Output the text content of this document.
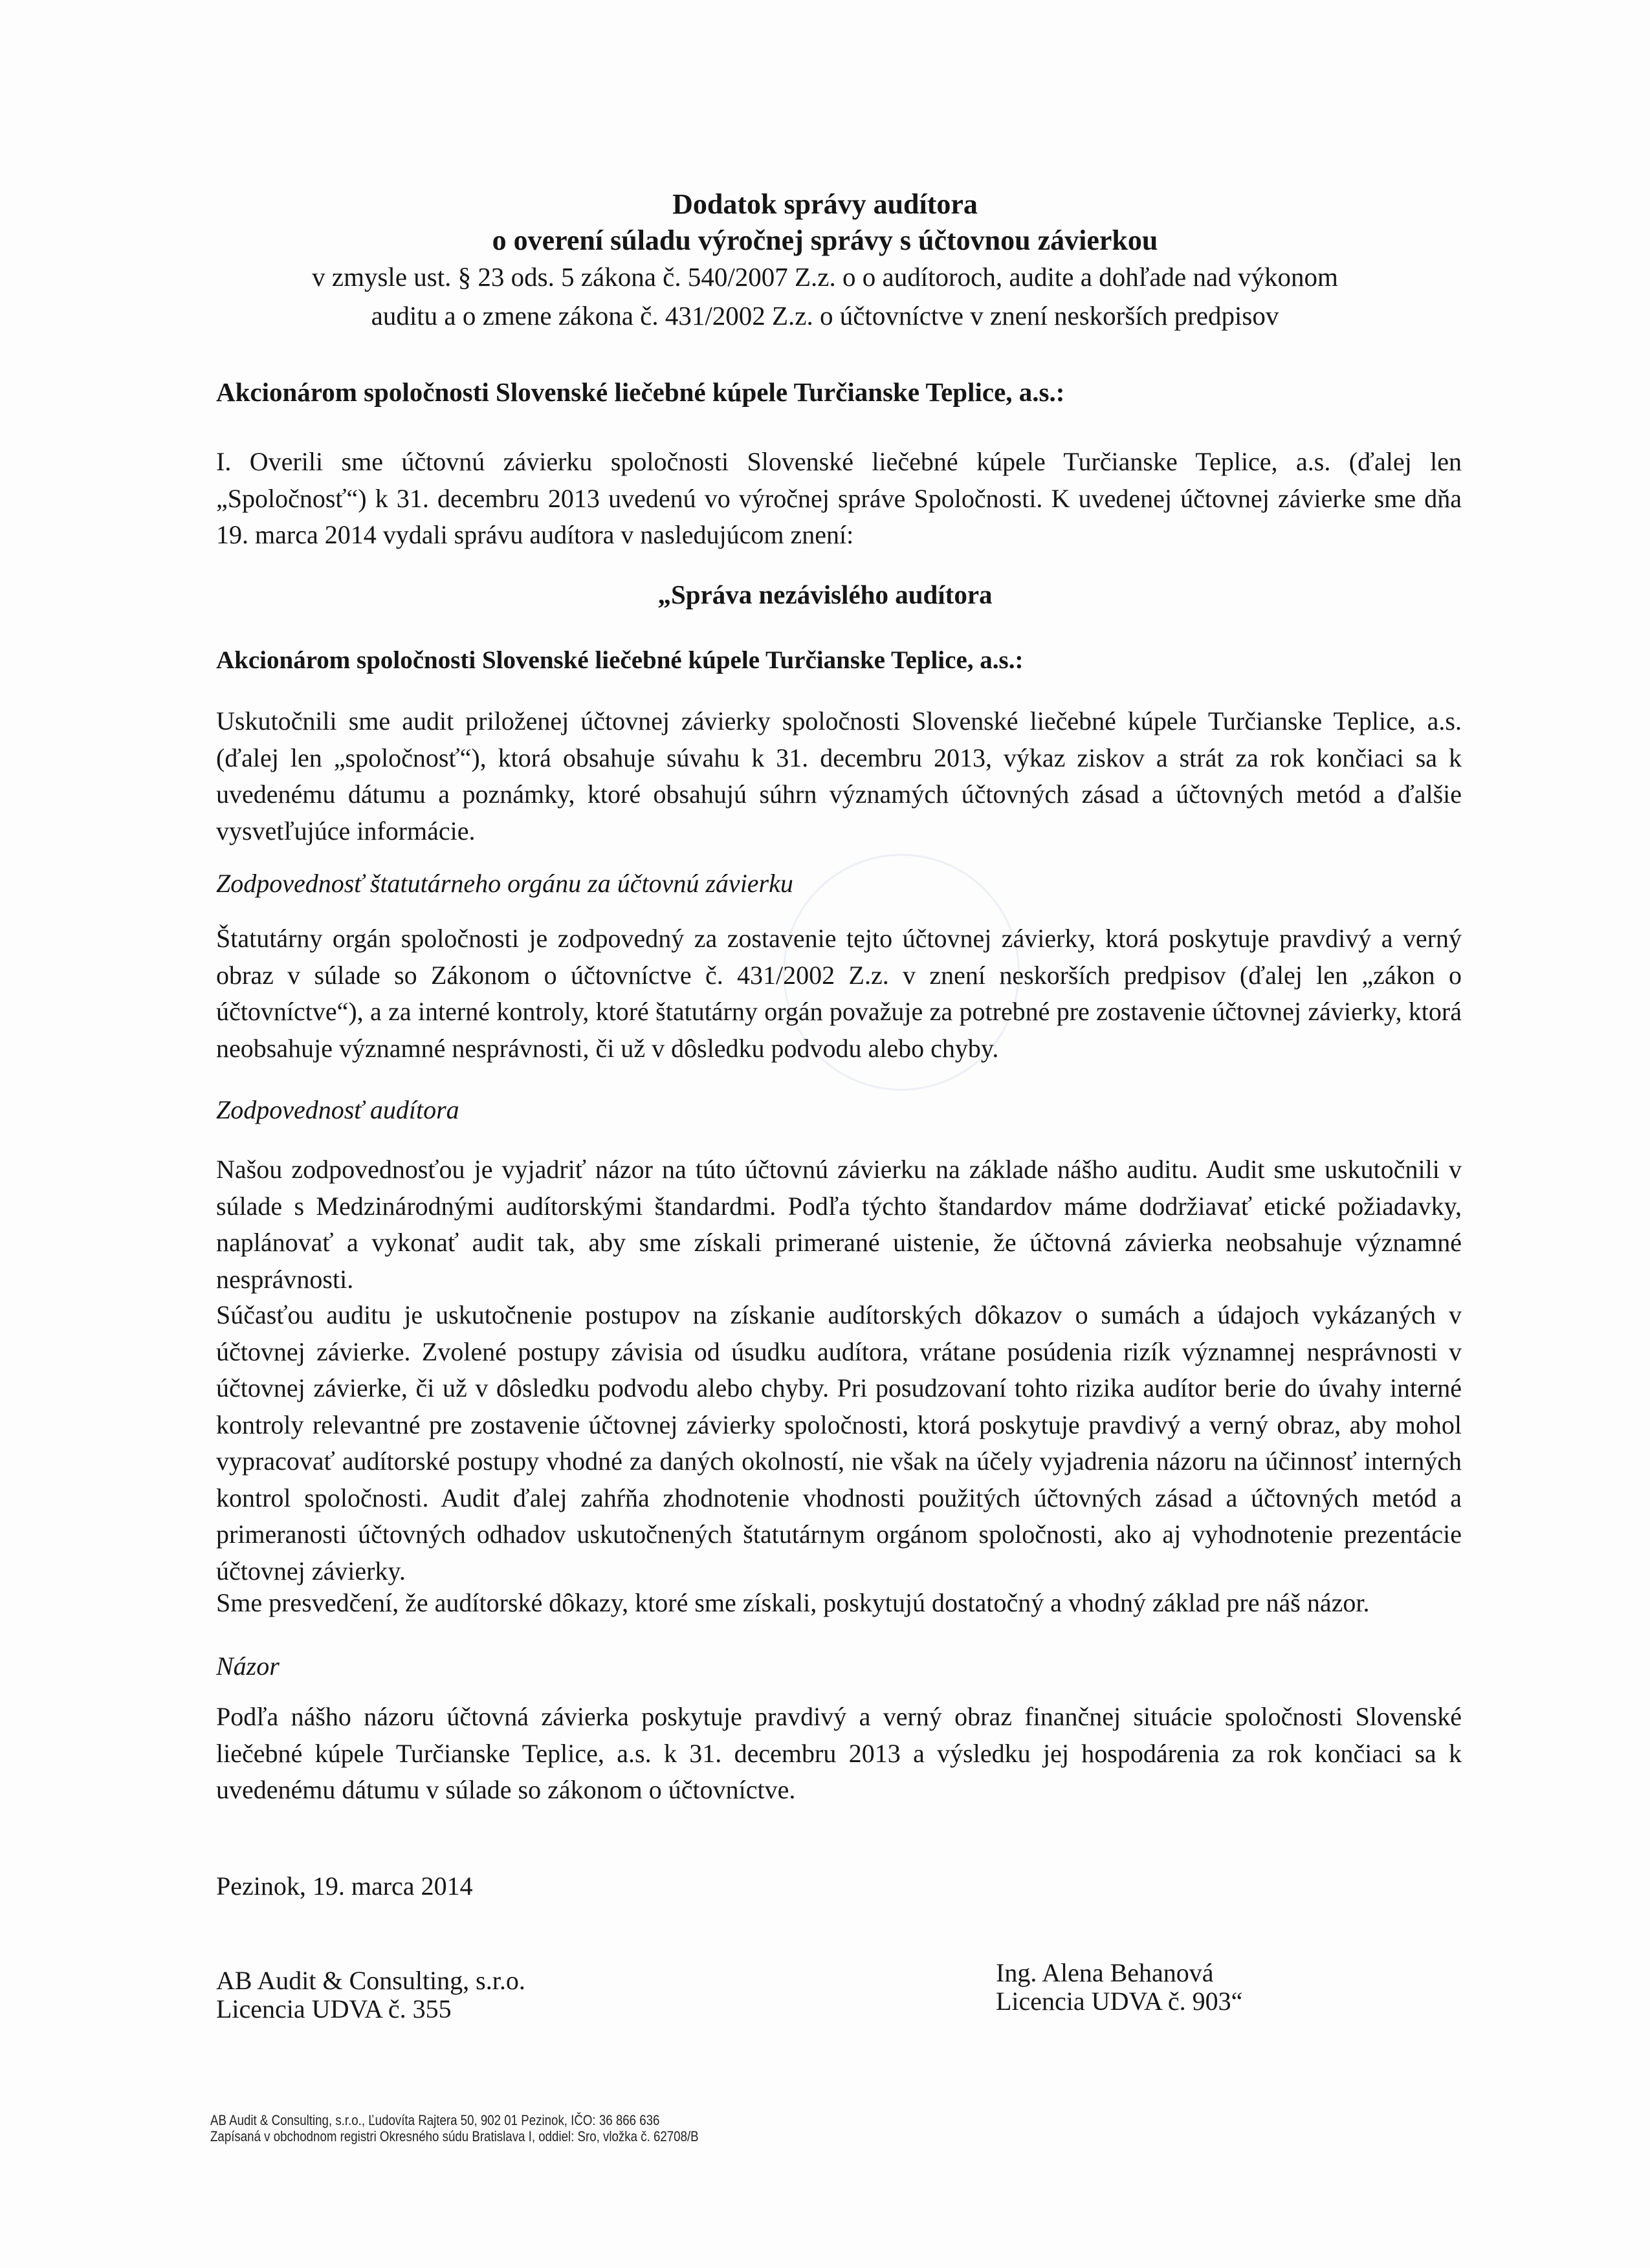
Dodatok správy audítora
o overení súladu výročnej správy s účtovnou závierkou
v zmysle ust. § 23 ods. 5 zákona č. 540/2007 Z.z. o o audítoroch, audite a dohľade nad výkonom
auditu a o zmene zákona č. 431/2002 Z.z. o účtovníctve v znení neskorších predpisov
Akcionárom spoločnosti Slovenské liečebné kúpele Turčianske Teplice, a.s.:
I. Overili sme účtovnú závierku spoločnosti Slovenské liečebné kúpele Turčianske Teplice, a.s. (ďalej len „Spoločnosť“) k 31. decembru 2013 uvedenú vo výročnej správe Spoločnosti. K uvedenej účtovnej závierke sme dňa 19. marca 2014 vydali správu audítora v nasledujúcom znení:
„Správa nezávislého audítora
Akcionárom spoločnosti Slovenské liečebné kúpele Turčianske Teplice, a.s.:
Uskutočnili sme audit priloženej účtovnej závierky spoločnosti Slovenské liečebné kúpele Turčianske Teplice, a.s. (ďalej len „spoločnosť“), ktorá obsahuje súvahu k 31. decembru 2013, výkaz ziskov a strát za rok končiaci sa k uvedenému dátumu a poznámky, ktoré obsahujú súhrn významých účtovných zásad a účtovných metód a ďalšie vysvetľujúce informácie.
Zodpovednosť štatutárneho orgánu za účtovnú závierku
Štatutárny orgán spoločnosti je zodpovedný za zostavenie tejto účtovnej závierky, ktorá poskytuje pravdivý a verný obraz v súlade so Zákonom o účtovníctve č. 431/2002 Z.z. v znení neskorších predpisov (ďalej len „zákon o účtovníctve“), a za interné kontroly, ktoré štatutárny orgán považuje za potrebné pre zostavenie účtovnej závierky, ktorá neobsahuje významné nesprávnosti, či už v dôsledku podvodu alebo chyby.
Zodpovednosť audítora
Našou zodpovednosťou je vyjadriť názor na túto účtovnú závierku na základe nášho auditu. Audit sme uskutočnili v súlade s Medzinárodnými audítorskými štandardmi. Podľa týchto štandardov máme dodržiavať etické požiadavky, naplánovať a vykonať audit tak, aby sme získali primerané uistenie, že účtovná závierka neobsahuje významné nesprávnosti.
Súčasťou auditu je uskutočnenie postupov na získanie audítorských dôkazov o sumách a údajoch vykázaných v účtovnej závierke. Zvolené postupy závisia od úsudku audítora, vrátane posúdenia rizík významnej nesprávnosti v účtovnej závierke, či už v dôsledku podvodu alebo chyby. Pri posudzovaní tohto rizika audítor berie do úvahy interné kontroly relevantné pre zostavenie účtovnej závierky spoločnosti, ktorá poskytuje pravdivý a verný obraz, aby mohol vypracovať audítorské postupy vhodné za daných okolností, nie však na účely vyjadrenia názoru na účinnosť interných kontrol spoločnosti. Audit ďalej zahŕňa zhodnotenie vhodnosti použitých účtovných zásad a účtovných metód a primeranosti účtovných odhadov uskutočnených štatutárnym orgánom spoločnosti, ako aj vyhodnotenie prezentácie účtovnej závierky.
Sme presvedčení, že audítorské dôkazy, ktoré sme získali, poskytujú dostatočný a vhodný základ pre náš názor.
Názor
Podľa nášho názoru účtovná závierka poskytuje pravdivý a verný obraz finančnej situácie spoločnosti Slovenské liečebné kúpele Turčianske Teplice, a.s. k 31. decembru 2013 a výsledku jej hospodárenia za rok končiaci sa k uvedenému dátumu v súlade so zákonom o účtovníctve.
Pezinok, 19. marca 2014
AB Audit & Consulting, s.r.o.
Licencia UDVA č. 355
Ing. Alena Behanová
Licencia UDVA č. 903“
AB Audit & Consulting, s.r.o., Ľudovíta Rajtera 50, 902 01 Pezinok, IČO: 36 866 636
Zapísaná v obchodnom registri Okresného súdu Bratislava I, oddiel: Sro, vložka č. 62708/B
